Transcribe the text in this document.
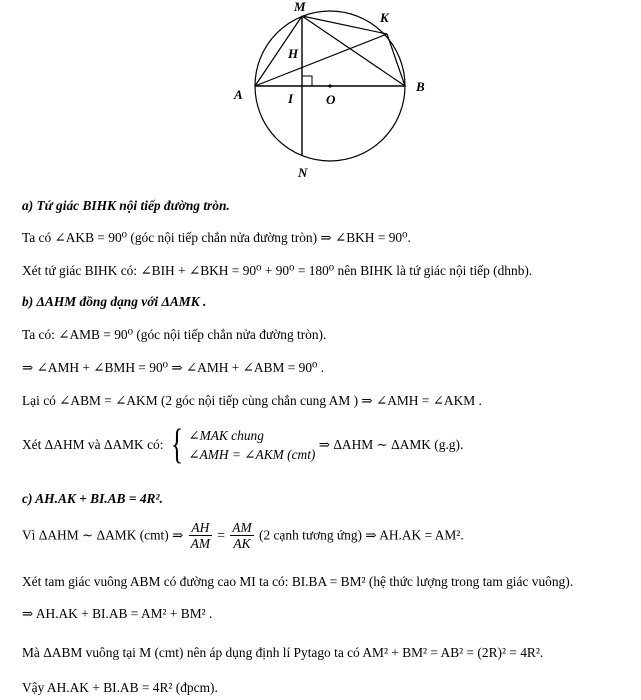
M
K
H
A	I	O
B
N
a) Tứ giác BIHK nội tiếp đường tròn.
Ta có ∠AKB = 90⁰ (góc nội tiếp chắn nửa đường tròn) ⇒ ∠BKH = 90⁰.
Xét tứ giác BIHK có: ∠BIH + ∠BKH = 90⁰ + 90⁰ = 180⁰ nên BIHK là tứ giác nội tiếp (dhnb).
b) ΔAHM đồng dạng với ΔAMK .
Ta có: ∠AMB = 90⁰ (góc nội tiếp chắn nửa đường tròn).
⇒ ∠AMH + ∠BMH = 90⁰ ⇒ ∠AMH + ∠ABM = 90⁰ .
Lại có ∠ABM = ∠AKM (2 góc nội tiếp cùng chắn cung AM ) ⇒ ∠AMH = ∠AKM .
Xét ΔAHM và ΔAMK có: { ∠MAK chung
∠AMH = ∠AKM (cmt)
⇒ ΔAHM ∼ ΔAMK (g.g).
c) AH.AK + BI.AB = 4R².
Vì ΔAHM ∼ ΔAMK (cmt) ⇒ $\frac{AH}{AM} = \frac{AM}{AK} (2$ cạnh tương ứng) ⇒ AH.AK = AM².
Xét tam giác vuông ABM có đường cao MI ta có: BI.BA = BM² (hệ thức lượng trong tam giác vuông).
⇒ AH.AK + BI.AB = AM² + BM² .
Mà ΔABM vuông tại M (cmt) nên áp dụng định lí Pytago ta có AM² + BM² = AB² = (2R)² = 4R².
Vậy AH.AK + BI.AB = 4R² (đpcm).
